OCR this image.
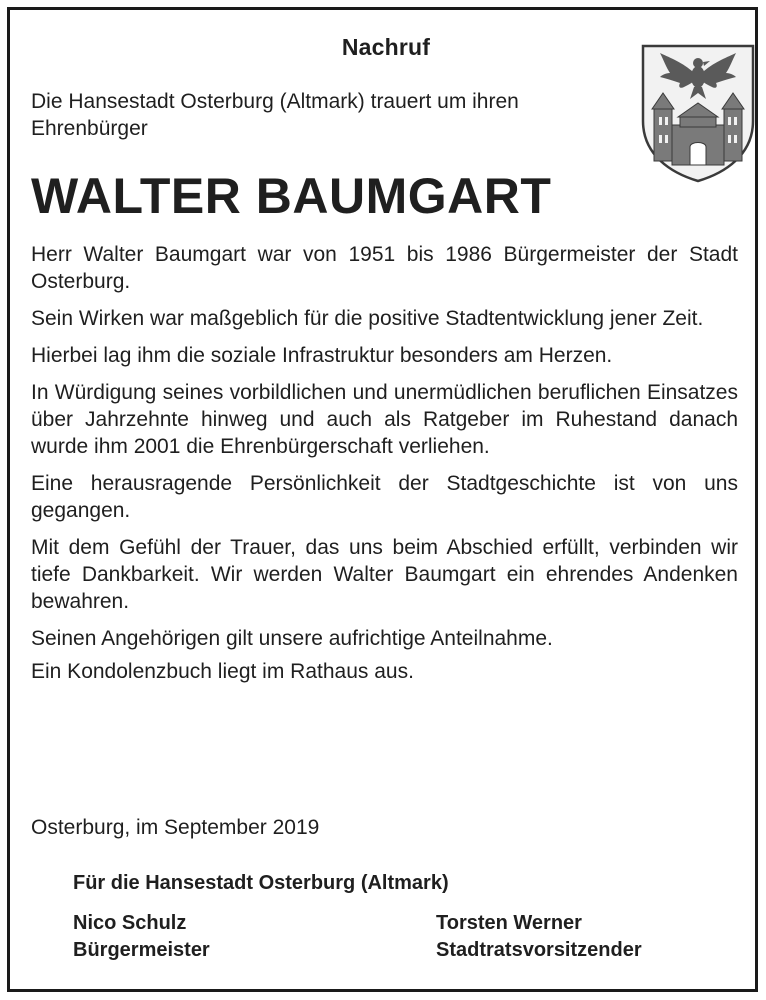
Nachruf
Die Hansestadt Osterburg (Altmark) trauert um ihren Ehrenbürger
WALTER BAUMGART

Herr Walter Baumgart war von 1951 bis 1986 Bürgermeister der Stadt Osterburg.

Sein Wirken war maßgeblich für die positive Stadtentwicklung jener Zeit.

Hierbei lag ihm die soziale Infrastruktur besonders am Herzen.

In Würdigung seines vorbildlichen und unermüdlichen beruflichen Einsatzes über Jahrzehnte hinweg und auch als Ratgeber im Ruhestand danach wurde ihm 2001 die Ehrenbürgerschaft verliehen.

Eine herausragende Persönlichkeit der Stadtgeschichte ist von uns gegangen.

Mit dem Gefühl der Trauer, das uns beim Abschied erfüllt, verbinden wir tiefe Dankbarkeit. Wir werden Walter Baumgart ein ehrendes Andenken bewahren.

Seinen Angehörigen gilt unsere aufrichtige Anteilnahme.

Ein Kondolenzbuch liegt im Rathaus aus.

Osterburg, im September 2019
Für die Hansestadt Osterburg (Altmark)
Nico Schulz
Bürgermeister
Torsten Werner
Stadtratsvorsitzender
